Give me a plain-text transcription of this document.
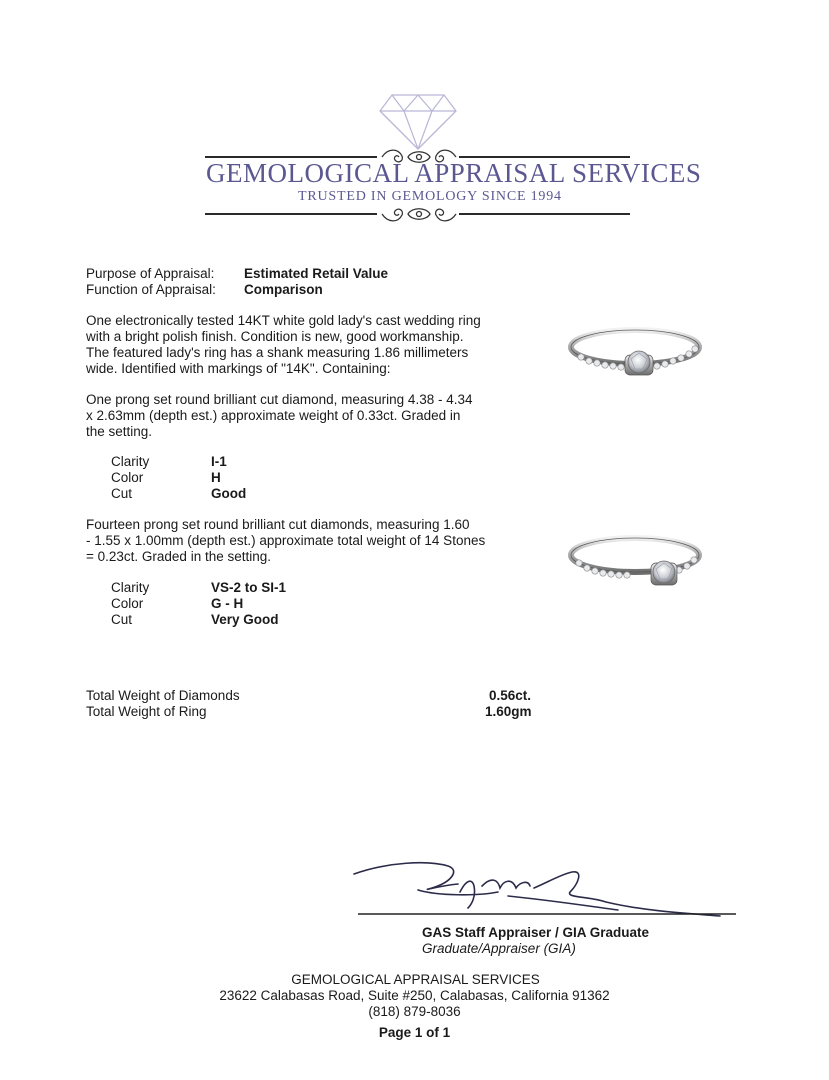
GEMOLOGICAL APPRAISAL SERVICES
TRUSTED IN GEMOLOGY SINCE 1994
Purpose of Appraisal: Estimated Retail Value
Function of Appraisal: Comparison
One electronically tested 14KT white gold lady's cast wedding ring
with a bright polish finish. Condition is new, good workmanship.
The featured lady's ring has a shank measuring 1.86 millimeters
wide. Identified with markings of "14K". Containing:
One prong set round brilliant cut diamond, measuring 4.38 - 4.34
x 2.63mm (depth est.) approximate weight of 0.33ct. Graded in
the setting.
Clarity	I-1
Color	H
Cut	Good
Fourteen prong set round brilliant cut diamonds, measuring 1.60
- 1.55 x 1.00mm (depth est.) approximate total weight of 14 Stones
= 0.23ct. Graded in the setting.
Clarity	VS-2 to SI-1
Color	G - H
Cut	Very Good
Total Weight of Diamonds	0.56ct.
Total Weight of Ring	1.60gm
GAS Staff Appraiser / GIA Graduate
Graduate/Appraiser (GIA)
GEMOLOGICAL APPRAISAL SERVICES
23622 Calabasas Road, Suite #250, Calabasas, California 91362
(818) 879-8036
Page 1 of 1
